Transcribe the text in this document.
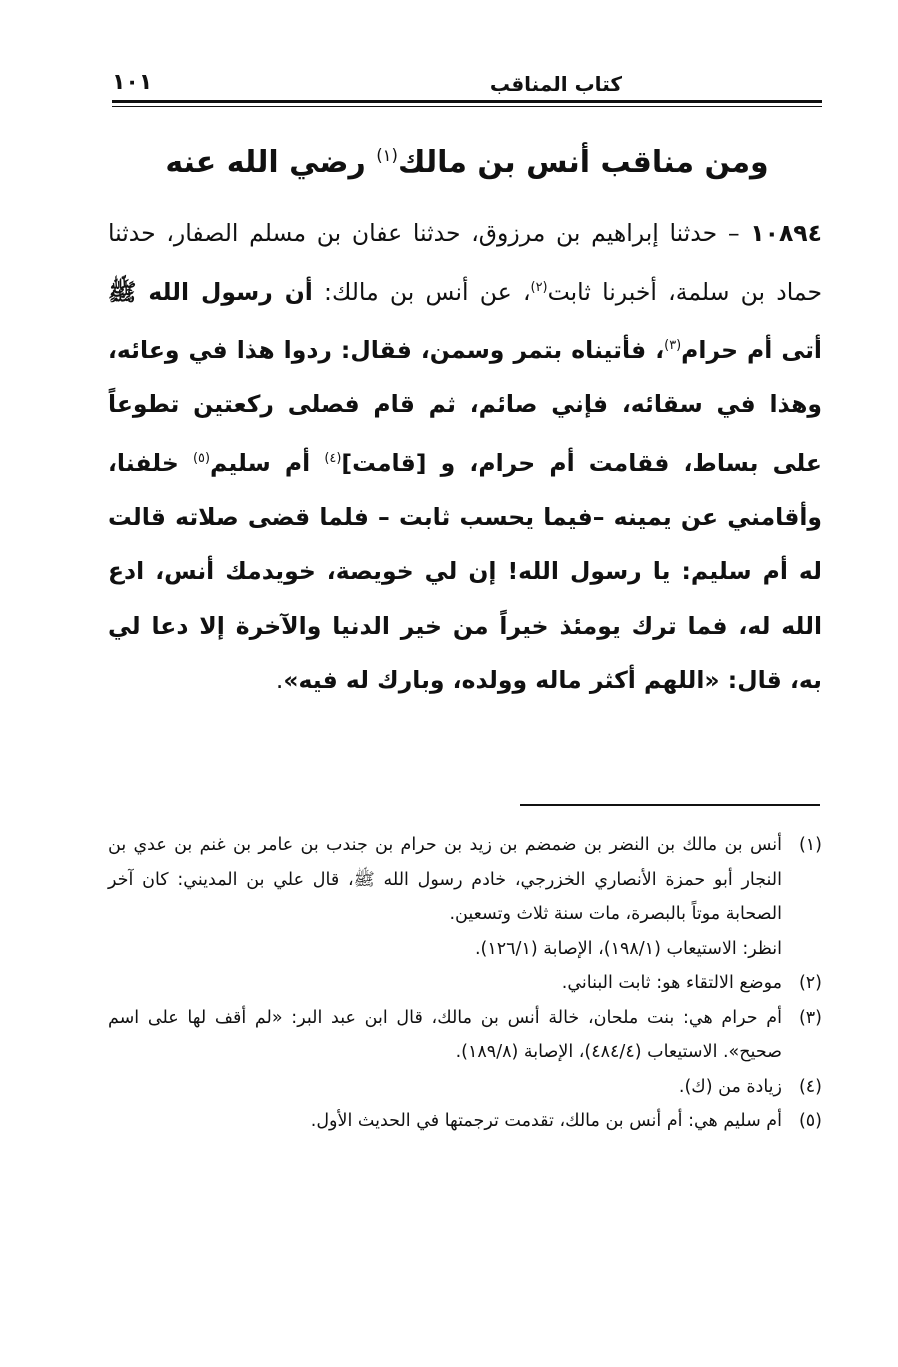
كتاب المناقب
١٠١
ومن مناقب أنس بن مالك$^{(١)}$ رضي الله عنه
١٠٨٩٤ – حدثنا إبراهيم بن مرزوق، حدثنا عفان بن مسلم الصفار، حدثنا حماد بن سلمة، أخبرنا ثابت$^{(٢)}$، عن أنس بن مالك: أن رسول الله ﷺ أتى أم حرام$^{(٣)}$، فأتيناه بتمر وسمن، فقال: ردوا هذا في وعائه، وهذا في سقائه، فإني صائم، ثم قام فصلى ركعتين تطوعاً على بساط، فقامت أم حرام، و [قامت]$^{(٤)}$ أم سليم$^{(٥)}$ خلفنا، وأقامني عن يمينه –فيما يحسب ثابت – فلما قضى صلاته قالت له أم سليم: يا رسول الله! إن لي خويصة، خويدمك أنس، ادع الله له، فما ترك يومئذ خيراً من خير الدنيا والآخرة إلا دعا لي به، قال: «اللهم أكثر ماله وولده، وبارك له فيه».
(١)
أنس بن مالك بن النضر بن ضمضم بن زيد بن حرام بن جندب بن عامر بن غنم بن عدي بن النجار أبو حمزة الأنصاري الخزرجي، خادم رسول الله ﷺ، قال علي بن المديني: كان آخر الصحابة موتاً بالبصرة، مات سنة ثلاث وتسعين.
انظر: الاستيعاب (١٩٨/١)، الإصابة (١٢٦/١).
(٢)
موضع الالتقاء هو: ثابت البناني.
(٣)
أم حرام هي: بنت ملحان، خالة أنس بن مالك، قال ابن عبد البر: «لم أقف لها على اسم صحيح». الاستيعاب (٤٨٤/٤)، الإصابة (١٨٩/٨).
(٤)
زيادة من (ك).
(٥)
أم سليم هي: أم أنس بن مالك، تقدمت ترجمتها في الحديث الأول.
